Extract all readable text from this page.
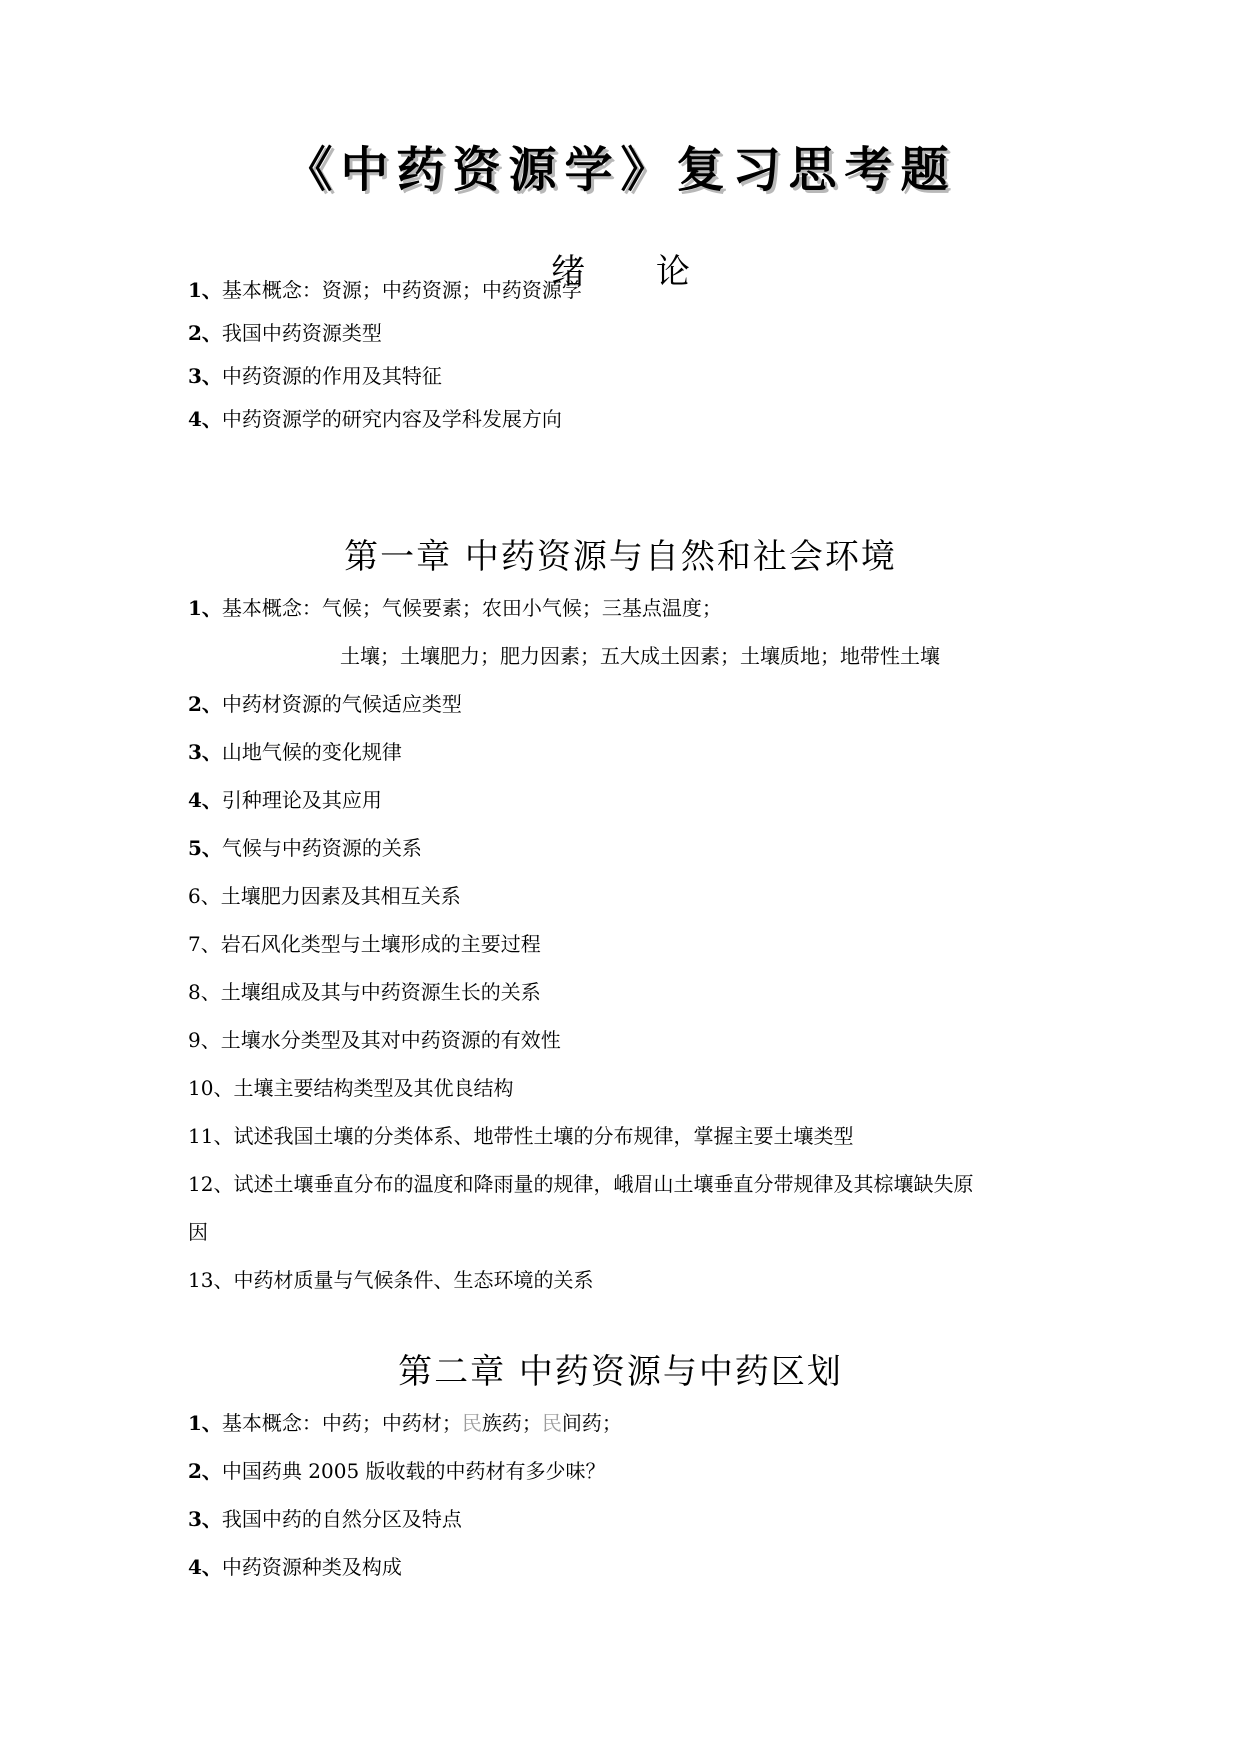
《中药资源学》复习思考题
绪 论

1、基本概念：资源；中药资源；中药资源学

2、我国中药资源类型

3、中药资源的作用及其特征

4、中药资源学的研究内容及学科发展方向

第一章 中药资源与自然和社会环境

1、基本概念：气候；气候要素；农田小气候；三基点温度；

土壤；土壤肥力；肥力因素；五大成土因素；土壤质地；地带性土壤

2、中药材资源的气候适应类型

3、山地气候的变化规律

4、引种理论及其应用

5、气候与中药资源的关系

6、土壤肥力因素及其相互关系

7、岩石风化类型与土壤形成的主要过程

8、土壤组成及其与中药资源生长的关系

9、土壤水分类型及其对中药资源的有效性

10、土壤主要结构类型及其优良结构

11、试述我国土壤的分类体系、地带性土壤的分布规律，掌握主要土壤类型

12、试述土壤垂直分布的温度和降雨量的规律，峨眉山土壤垂直分带规律及其棕壤缺失原

因

13、中药材质量与气候条件、生态环境的关系

第二章 中药资源与中药区划

1、基本概念：中药；中药材；民族药；民间药；

2、中国药典 2005 版收载的中药材有多少味？

3、我国中药的自然分区及特点

4、中药资源种类及构成
